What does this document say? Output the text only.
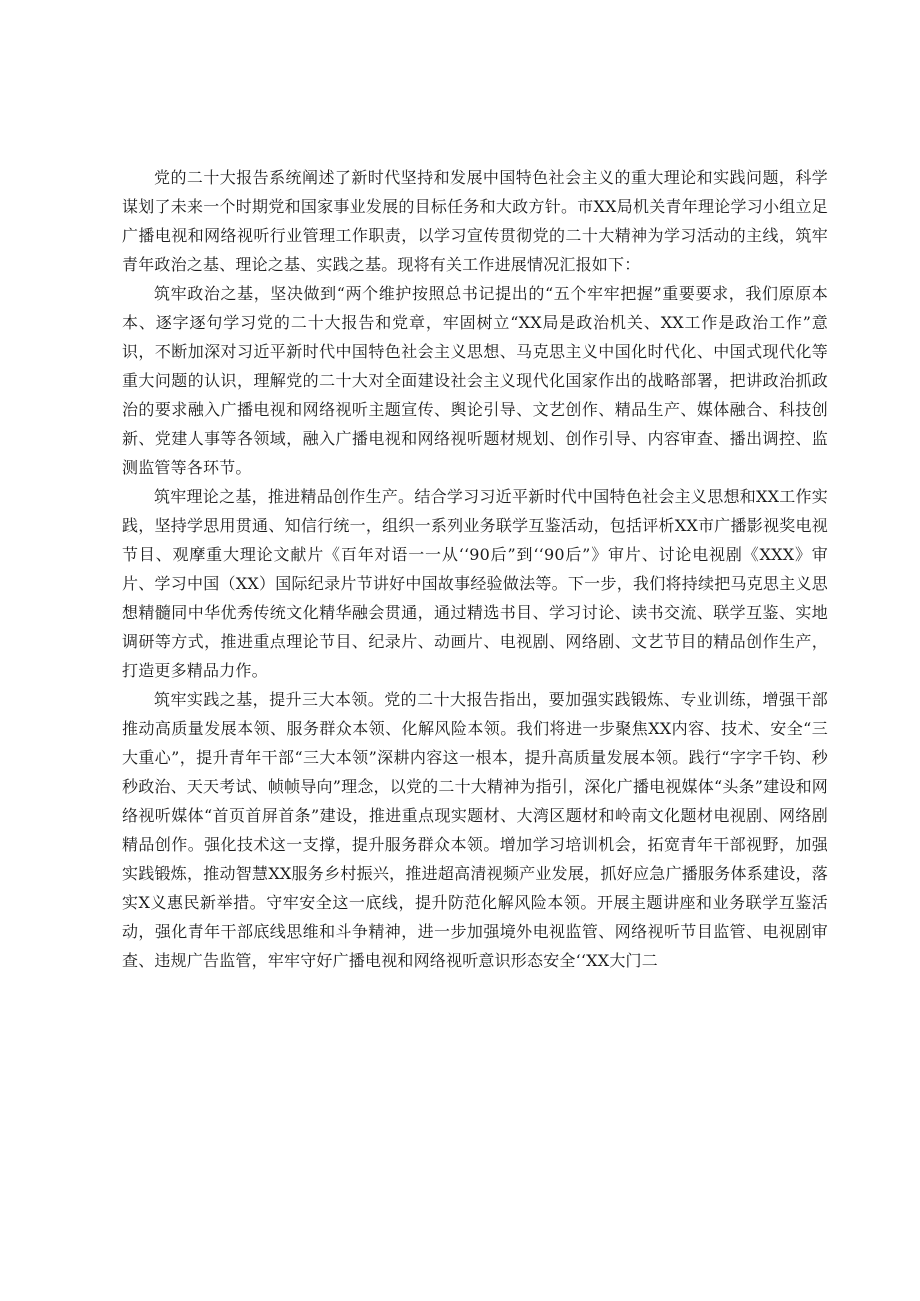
党的二十大报告系统阐述了新时代坚持和发展中国特色社会主义的重大理论和实践问题，科学谋划了未来一个时期党和国家事业发展的目标任务和大政方针。市XX局机关青年理论学习小组立足广播电视和网络视听行业管理工作职责，以学习宣传贯彻党的二十大精神为学习活动的主线，筑牢青年政治之基、理论之基、实践之基。现将有关工作进展情况汇报如下：

筑牢政治之基，坚决做到“两个维护按照总书记提出的“五个牢牢把握”重要要求，我们原原本本、逐字逐句学习党的二十大报告和党章，牢固树立“XX局是政治机关、XX工作是政治工作”意识，不断加深对习近平新时代中国特色社会主义思想、马克思主义中国化时代化、中国式现代化等重大问题的认识，理解党的二十大对全面建设社会主义现代化国家作出的战略部署，把讲政治抓政治的要求融入广播电视和网络视听主题宣传、舆论引导、文艺创作、精品生产、媒体融合、科技创新、党建人事等各领域，融入广播电视和网络视听题材规划、创作引导、内容审查、播出调控、监测监管等各环节。

筑牢理论之基，推进精品创作生产。结合学习习近平新时代中国特色社会主义思想和XX工作实践，坚持学思用贯通、知信行统一，组织一系列业务联学互鉴活动，包括评析XX市广播影视奖电视节目、观摩重大理论文献片《百年对语一一从‘‘90后”到‘‘90后”》审片、讨论电视剧《XXX》审片、学习中国（XX）国际纪录片节讲好中国故事经验做法等。下一步，我们将持续把马克思主义思想精髓同中华优秀传统文化精华融会贯通，通过精选书目、学习讨论、读书交流、联学互鉴、实地调研等方式，推进重点理论节目、纪录片、动画片、电视剧、网络剧、文艺节目的精品创作生产，打造更多精品力作。

筑牢实践之基，提升三大本领。党的二十大报告指出，要加强实践锻炼、专业训练，增强干部推动高质量发展本领、服务群众本领、化解风险本领。我们将进一步聚焦XX内容、技术、安全“三大重心”，提升青年干部“三大本领”深耕内容这一根本，提升高质量发展本领。践行“字字千钧、秒秒政治、天天考试、帧帧导向”理念，以党的二十大精神为指引，深化广播电视媒体“头条”建设和网络视听媒体“首页首屏首条”建设，推进重点现实题材、大湾区题材和岭南文化题材电视剧、网络剧精品创作。强化技术这一支撑，提升服务群众本领。增加学习培训机会，拓宽青年干部视野，加强实践锻炼，推动智慧XX服务乡村振兴，推进超高清视频产业发展，抓好应急广播服务体系建设，落实X义惠民新举措。守牢安全这一底线，提升防范化解风险本领。开展主题讲座和业务联学互鉴活动，强化青年干部底线思维和斗争精神，进一步加强境外电视监管、网络视听节目监管、电视剧审查、违规广告监管，牢牢守好广播电视和网络视听意识形态安全‘‘XX大门二
